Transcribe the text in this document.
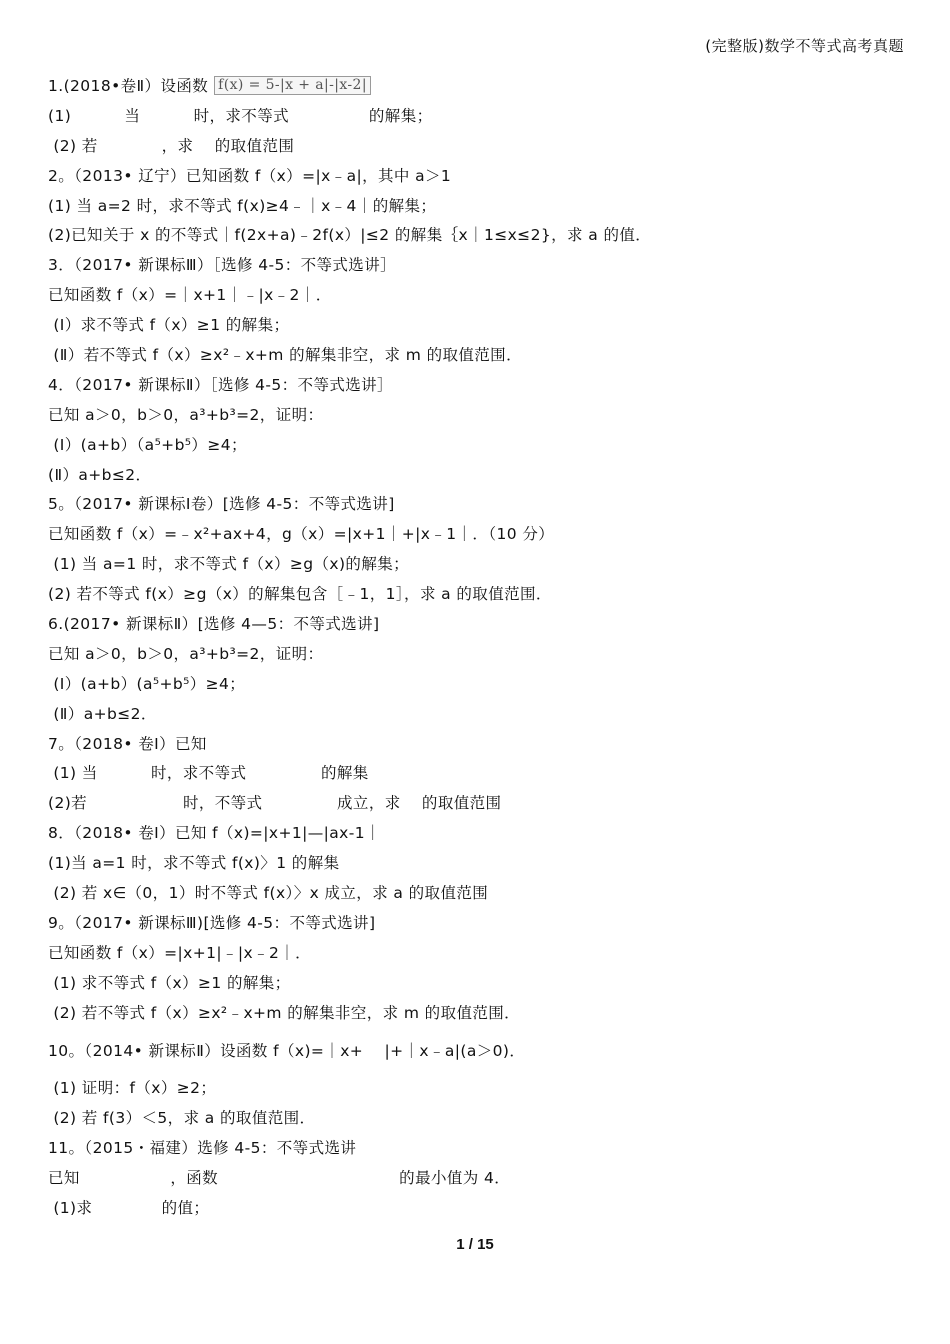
(完整版)数学不等式高考真题
1.(2018•卷Ⅱ）设函数 f(x) = 5-|x + a|-|x-2|
(1)          当          时，求不等式               的解集；
(2) 若            ，求    的取值范围
2。（2013• 辽宁）已知函数 f（x）=|x﹣a|，其中 a＞1
(1) 当 a=2 时，求不等式 f(x)≥4﹣｜x﹣4｜的解集；
(2)已知关于 x 的不等式｜f(2x+a)﹣2f(x）|≤2 的解集｛x｜1≤x≤2}，求 a 的值．
3．（2017• 新课标Ⅲ）［选修 4-5：不等式选讲］
已知函数 f（x）=｜x+1｜﹣|x﹣2｜．
(Ⅰ）求不等式 f（x）≥1 的解集；
(Ⅱ）若不等式 f（x）≥x²﹣x+m 的解集非空，求 m 的取值范围．
4．（2017• 新课标Ⅱ）［选修 4-5：不等式选讲］
已知 a＞0，b＞0，a³+b³=2，证明：
(Ⅰ）(a+b）（a⁵+b⁵）≥4；
(Ⅱ）a+b≤2．
5。（2017• 新课标Ⅰ卷）[选修 4-5：不等式选讲]
已知函数 f（x）=﹣x²+ax+4，g（x）=|x+1｜+|x﹣1｜．（10 分）
(1) 当 a=1 时，求不等式 f（x）≥g（x)的解集；
(2) 若不等式 f(x）≥g（x）的解集包含［﹣1，1］，求 a 的取值范围．
6.(2017• 新课标Ⅱ）[选修 4—5：不等式选讲]
已知 a＞0，b＞0，a³+b³=2，证明：
(Ⅰ）(a+b）(a⁵+b⁵）≥4；
(Ⅱ）a+b≤2．
7。（2018• 卷Ⅰ）已知
(1) 当          时，求不等式              的解集
(2)若                  时，不等式              成立，求    的取值范围
8．（2018• 卷Ⅰ）已知 f（x)=|x+1|—|ax-1｜
(1)当 a=1 时，求不等式 f(x)〉1 的解集
(2) 若 x∈（0，1）时不等式 f(x）〉x 成立，求 a 的取值范围
9。（2017• 新课标Ⅲ)[选修 4-5：不等式选讲]
已知函数 f（x）=|x+1|﹣|x﹣2｜．
(1) 求不等式 f（x）≥1 的解集；
(2) 若不等式 f（x）≥x²﹣x+m 的解集非空，求 m 的取值范围．
10。（2014• 新课标Ⅱ）设函数 f（x)=｜x+    |+｜x﹣a|(a＞0)．
(1) 证明：f（x）≥2；
(2) 若 f(3）＜5，求 a 的取值范围．
11。（2015・福建）选修 4-5：不等式选讲
已知                 ，函数                                  的最小值为 4．
(1)求             的值；
1 / 15
